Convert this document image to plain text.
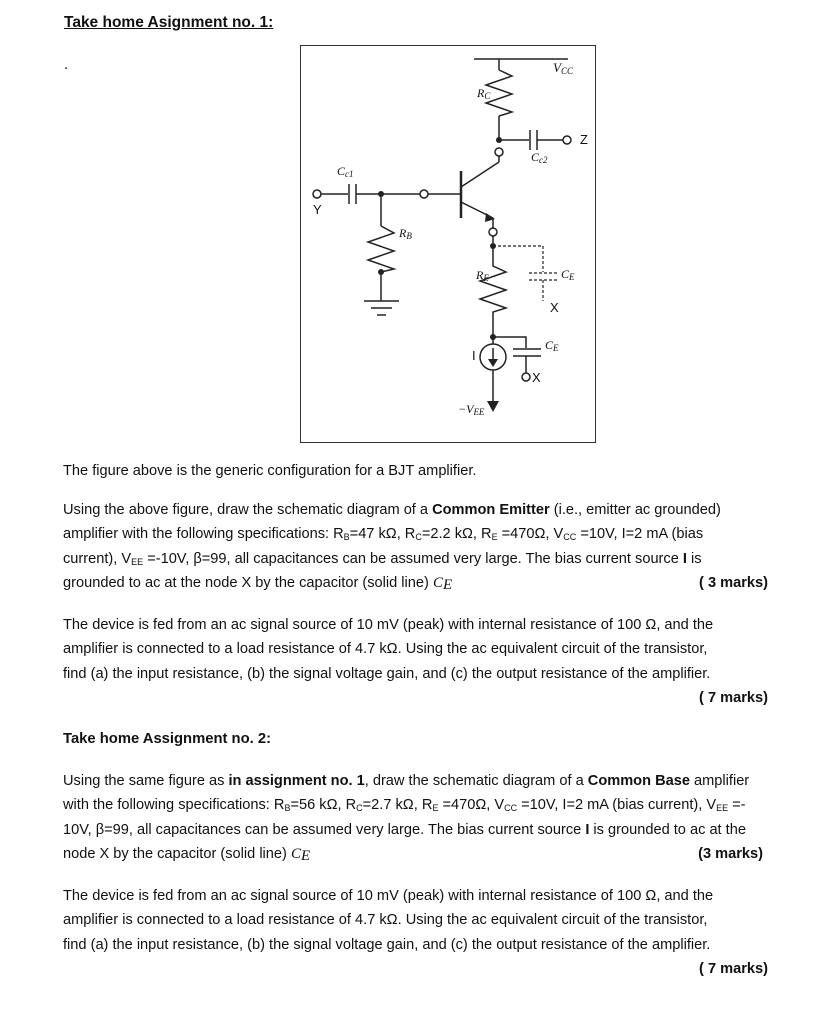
Take home Asignment no. 1:
.	$V_{CC}$
$R_C$
$C_{c2}$
Z
$C_{c1}$
Y
$R_B$
$R_E$	$C_E$
X
$C_E$
X
I
$-V_{EE}$
The figure above is the generic configuration for a BJT amplifier.
Using the above figure, draw the schematic diagram of a Common Emitter (i.e., emitter ac grounded)
amplifier with the following specifications: $R_B=47$ kΩ, $R_C=2.2$ kΩ, $R_E =470\Omega$, $V_{CC} =10V$, I=2 mA (bias
current), $V_{EE} =-10V$, β=99, all capacitances can be assumed very large. The bias current source I is
grounded to ac at the node X by the capacitor (solid line) $C_E$	( 3 marks)
The device is fed from an ac signal source of 10 mV (peak) with internal resistance of 100 Ω, and the
amplifier is connected to a load resistance of 4.7 kΩ. Using the ac equivalent circuit of the transistor,
find (a) the input resistance, (b) the signal voltage gain, and (c) the output resistance of the amplifier.
( 7 marks)
Take home Assignment no. 2:
Using the same figure as in assignment no. 1, draw the schematic diagram of a Common Base amplifier
with the following specifications: $R_B=56$ kΩ, $R_C=2.7$ kΩ, $R_E =470\Omega$, $V_{CC} =10V$, I=2 mA (bias current), $V_{EE}$ =-
10V, β=99, all capacitances can be assumed very large. The bias current source I is grounded to ac at the
node X by the capacitor (solid line) $C_E$	(3 marks)
The device is fed from an ac signal source of 10 mV (peak) with internal resistance of 100 Ω, and the
amplifier is connected to a load resistance of 4.7 kΩ. Using the ac equivalent circuit of the transistor,
find (a) the input resistance, (b) the signal voltage gain, and (c) the output resistance of the amplifier.
( 7 marks)
